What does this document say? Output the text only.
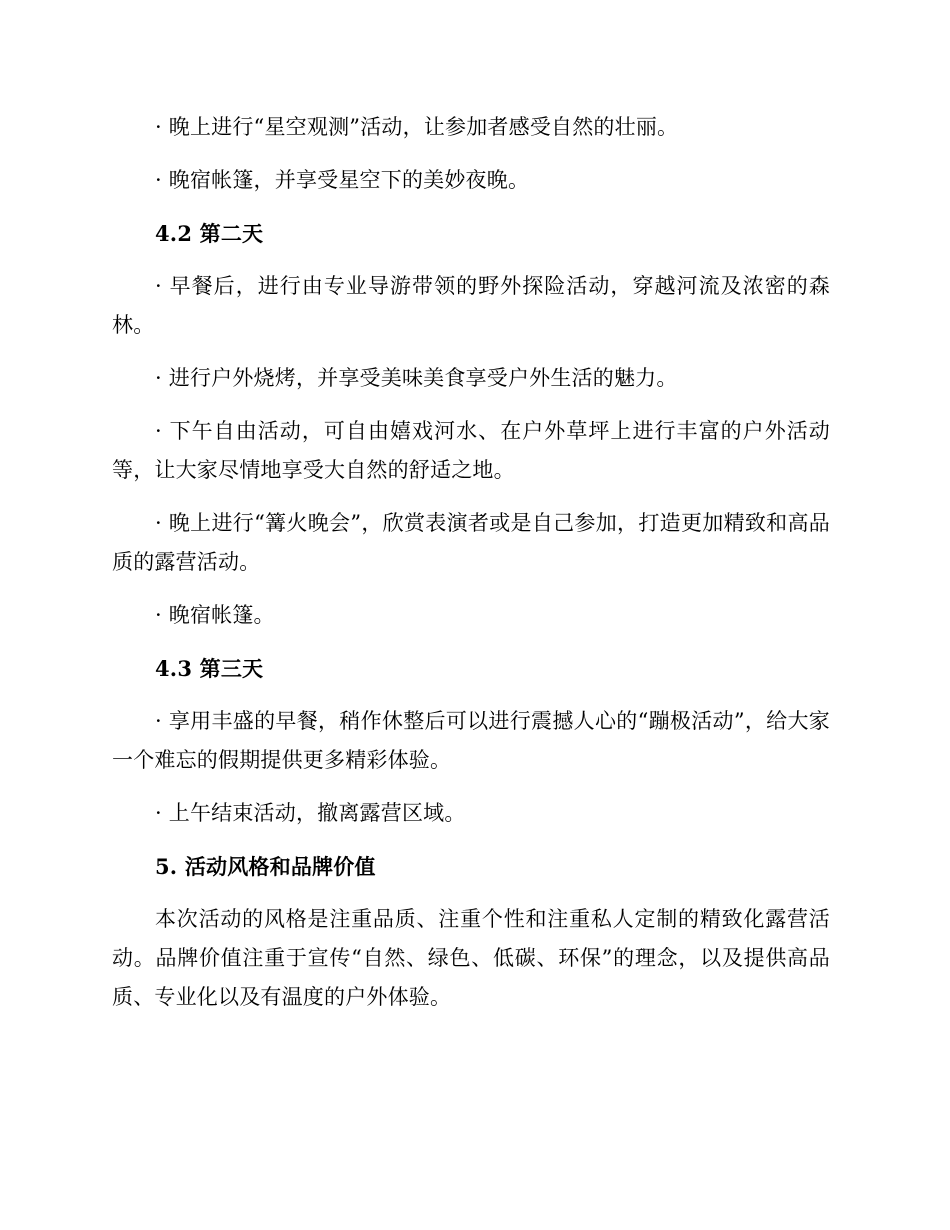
· 晚上进行“星空观测”活动，让参加者感受自然的壮丽。

· 晚宿帐篷，并享受星空下的美妙夜晚。

4.2 第二天

· 早餐后，进行由专业导游带领的野外探险活动，穿越河流及浓密的森林。

· 进行户外烧烤，并享受美味美食享受户外生活的魅力。

· 下午自由活动，可自由嬉戏河水、在户外草坪上进行丰富的户外活动等，让大家尽情地享受大自然的舒适之地。

· 晚上进行“篝火晚会”，欣赏表演者或是自己参加，打造更加精致和高品质的露营活动。

· 晚宿帐篷。

4.3 第三天

· 享用丰盛的早餐，稍作休整后可以进行震撼人心的“蹦极活动”，给大家一个难忘的假期提供更多精彩体验。

· 上午结束活动，撤离露营区域。

5. 活动风格和品牌价值

本次活动的风格是注重品质、注重个性和注重私人定制的精致化露营活动。品牌价值注重于宣传“自然、绿色、低碳、环保”的理念，以及提供高品质、专业化以及有温度的户外体验。
